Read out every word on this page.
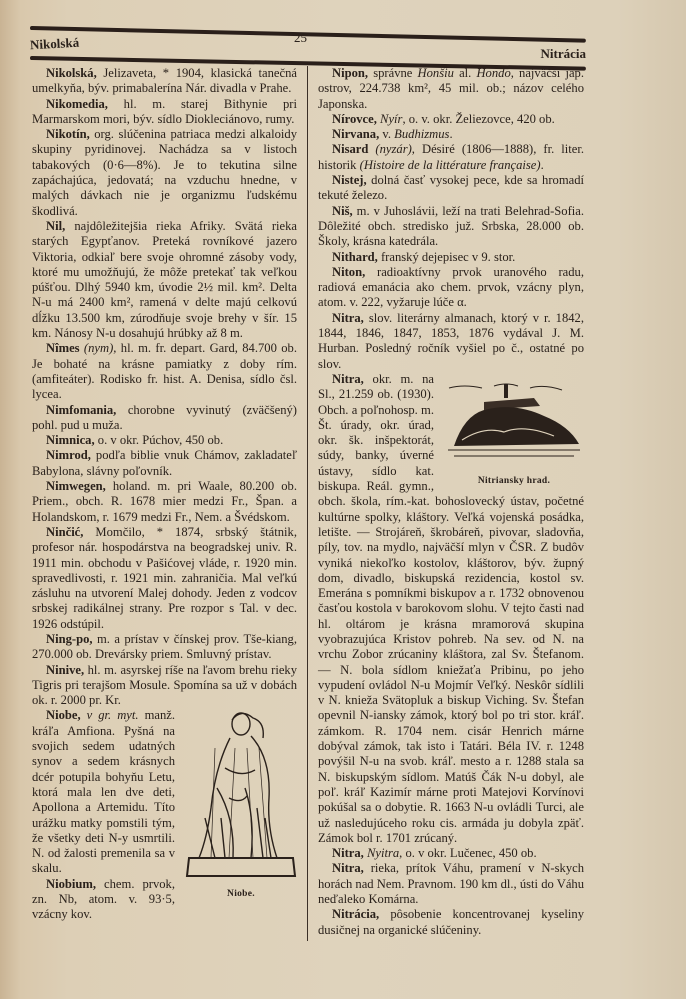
Nikolská	25
Nitrácia

Nikolská, Jelizaveta, * 1904, klasická tanečná umelkyňa, býv. primabalerína Nár. divadla v Prahe.

Nikomedia, hl. m. starej Bithynie pri Marmarskom mori, býv. sídlo Diokleciánovo, rumy.

Nikotín, org. slúčenina patriaca medzi alkaloidy skupiny pyridinovej. Nachádza sa v listoch tabakových (0·6—8%). Je to tekutina silne zapáchajúca, jedovatá; na vzduchu hnedne, v malých dávkach nie je organizmu ľudskému škodlivá.

Nil, najdôležitejšia rieka Afriky. Svätá rieka starých Egypťanov. Preteká rovníkové jazero Viktoria, odkiaľ bere svoje ohromné zásoby vody, ktoré mu umožňujú, že môže pretekať tak veľkou púšťou. Dlhý 5940 km, úvodie 2½ mil. km². Delta N-u má 2400 km², ramená v delte majú celkovú dĺžku 13.500 km, zúrodňuje svoje brehy v šír. 15 km. Nánosy N-u dosahujú hrúbky až 8 m.

Nîmes (nym), hl. m. fr. depart. Gard, 84.700 ob. Je bohaté na krásne pamiatky z doby rím. (amfiteáter). Rodisko fr. hist. A. Denisa, sídlo čsl. lycea.

Nimfomania, chorobne vyvinutý (zväčšený) pohl. pud u muža.

Nimnica, o. v okr. Púchov, 450 ob.

Nimrod, podľa biblie vnuk Chámov, zakladateľ Babylona, slávny poľovník.

Nimwegen, holand. m. pri Waale, 80.200 ob. Priem., obch. R. 1678 mier medzi Fr., Špan. a Holandskom, r. 1679 medzi Fr., Nem. a Švédskom.

Ninčić, Momčilo, * 1874, srbský štátnik, profesor nár. hospodárstva na beogradskej univ. R. 1911 min. obchodu v Pašićovej vláde, r. 1920 min. spravedlivosti, r. 1921 min. zahraničia. Mal veľkú zásluhu na utvorení Malej dohody. Jeden z vodcov srbskej radikálnej strany. Pre rozpor s Tal. v dec. 1926 odstúpil.

Ning-po, m. a prístav v čínskej prov. Tše-kiang, 270.000 ob. Drevársky priem. Smluvný prístav.

Ninive, hl. m. asyrskej ríše na ľavom brehu rieky Tigris pri terajšom Mosule. Spomína sa už v dobách ok. r. 2000 pr. Kr.

Niobe.

Niobe, v gr. myt. manž. kráľa Amfiona. Pyšná na svojich sedem udatných synov a sedem krásnych dcér potupila bohyňu Letu, ktorá mala len dve deti, Apollona a Artemidu. Títo urážku matky pomstili tým, že všetky deti N-y usmrtili. N. od žalosti premenila sa v skalu.

Niobium, chem. prvok, zn. Nb, atom. v. 93·5, vzácny kov.

Nipon, správne Honšiu al. Hondo, najväčší jap. ostrov, 224.738 km², 45 mil. ob.; názov celého Japonska.

Nírovce, Nyír, o. v. okr. Želiezovce, 420 ob.

Nirvana, v. Budhizmus.

Nisard (nyzár), Désiré (1806—1888), fr. liter. historik (Histoire de la littérature française).

Nistej, dolná časť vysokej pece, kde sa hromadí tekuté železo.

Niš, m. v Juhoslávii, leží na trati Belehrad-Sofia. Dôležité obch. stredisko juž. Srbska, 28.000 ob. Školy, krásna katedrála.

Nithard, franský dejepisec v 9. stor.

Niton, radioaktívny prvok uranového radu, radiová emanácia ako chem. prvok, vzácny plyn, atom. v. 222, vyžaruje lúče α.

Nitra, slov. literárny almanach, ktorý v r. 1842, 1844, 1846, 1847, 1853, 1876 vydával J. M. Hurban. Posledný ročník vyšiel po č., ostatné po slov.

Nitriansky hrad.

Nitra, okr. m. na Sl., 21.259 ob. (1930). Obch. a poľnohosp. m. Št. úrady, okr. úrad, okr. šk. inšpektorát, súdy, banky, úverné ústavy, sídlo kat. biskupa. Reál. gymn., obch. škola, rím.-kat. bohoslovecký ústav, početné kultúrne spolky, kláštory. Veľká vojenská posádka, letište. — Strojáreň, škrobáreň, pivovar, sladovňa, píly, tov. na mydlo, najväčší mlyn v ČSR. Z budôv vyniká niekoľko kostolov, kláštorov, býv. župný dom, divadlo, biskupská rezidencia, kostol sv. Emeránа s pomníkmi biskupov a r. 1732 obnovenou časťou kostola v barokovom slohu. V tejto časti nad hl. oltárom je krásna mramorová skupina vyobrazujúca Kristov pohreb. Na sev. od N. na vrchu Zobor zrúcaniny kláštora, zal Sv. Štefanom. — N. bola sídlom kniežaťa Pribinu, po jeho vypudení ovládol N-u Mojmír Veľký. Neskôr sídlili v N. knieža Svätopluk a biskup Viching. Sv. Štefan opevnil N-iansky zámok, ktorý bol po tri stor. kráľ. zámkom. R. 1704 nem. cisár Henrich márne dobýval zámok, tak isto i Tatári. Béla IV. r. 1248 povýšil N-u na svob. kráľ. mesto a r. 1288 stala sa N. biskupským sídlom. Matúš Čák N-u dobyl, ale poľ. kráľ Kazimír márne proti Matejovi Korvínovi pokúšal sa o dobytie. R. 1663 N-u ovládli Turci, ale už nasledujúceho roku cis. armáda ju dobyla zpäť. Zámok bol r. 1701 zrúcaný.

Nitra, Nyitra, o. v okr. Lučenec, 450 ob.

Nitra, rieka, prítok Váhu, pramení v N-skych horách nad Nem. Pravnom. 190 km dl., ústi do Váhu neďaleko Komárna.

Nitrácia, pôsobenie koncentrovanej kyseliny dusičnej na organické slúčeniny.
